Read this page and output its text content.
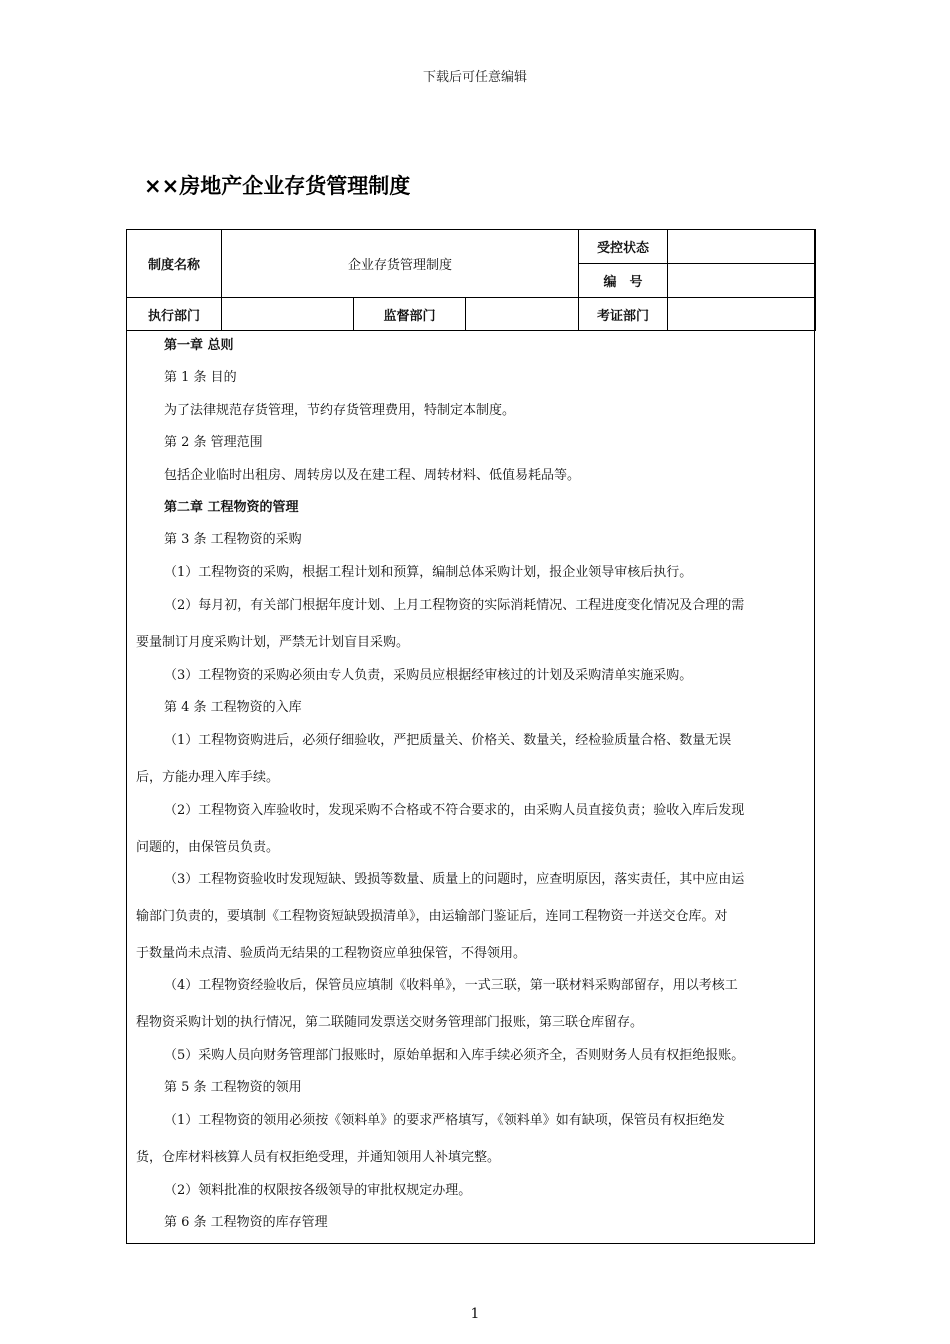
下载后可任意编辑
××房地产企业存货管理制度
制度名称	企业存货管理制度			受控状态	
				编　号	
执行部门		监督部门		考证部门	
第一章 总则
第 1 条 目的
为了法律规范存货管理，节约存货管理费用，特制定本制度。
第 2 条 管理范围
包括企业临时出租房、周转房以及在建工程、周转材料、低值易耗品等。
第二章 工程物资的管理
第 3 条 工程物资的采购
（1）工程物资的采购，根据工程计划和预算，编制总体采购计划，报企业领导审核后执行。
（2）每月初，有关部门根据年度计划、上月工程物资的实际消耗情况、工程进度变化情况及合理的需
要量制订月度采购计划，严禁无计划盲目采购。
（3）工程物资的采购必须由专人负责，采购员应根据经审核过的计划及采购清单实施采购。
第 4 条 工程物资的入库
（1）工程物资购进后，必须仔细验收，严把质量关、价格关、数量关，经检验质量合格、数量无误
后，方能办理入库手续。
（2）工程物资入库验收时，发现采购不合格或不符合要求的，由采购人员直接负责；验收入库后发现
问题的，由保管员负责。
（3）工程物资验收时发现短缺、毁损等数量、质量上的问题时，应查明原因，落实责任，其中应由运
输部门负责的，要填制《工程物资短缺毁损清单》，由运输部门鉴证后，连同工程物资一并送交仓库。对
于数量尚未点清、验质尚无结果的工程物资应单独保管，不得领用。
（4）工程物资经验收后，保管员应填制《收料单》，一式三联，第一联材料采购部留存，用以考核工
程物资采购计划的执行情况，第二联随同发票送交财务管理部门报账，第三联仓库留存。
（5）采购人员向财务管理部门报账时，原始单据和入库手续必须齐全，否则财务人员有权拒绝报账。
第 5 条 工程物资的领用
（1）工程物资的领用必须按《领料单》的要求严格填写，《领料单》如有缺项，保管员有权拒绝发
货，仓库材料核算人员有权拒绝受理，并通知领用人补填完整。
（2）领料批准的权限按各级领导的审批权规定办理。
第 6 条 工程物资的库存管理
1
